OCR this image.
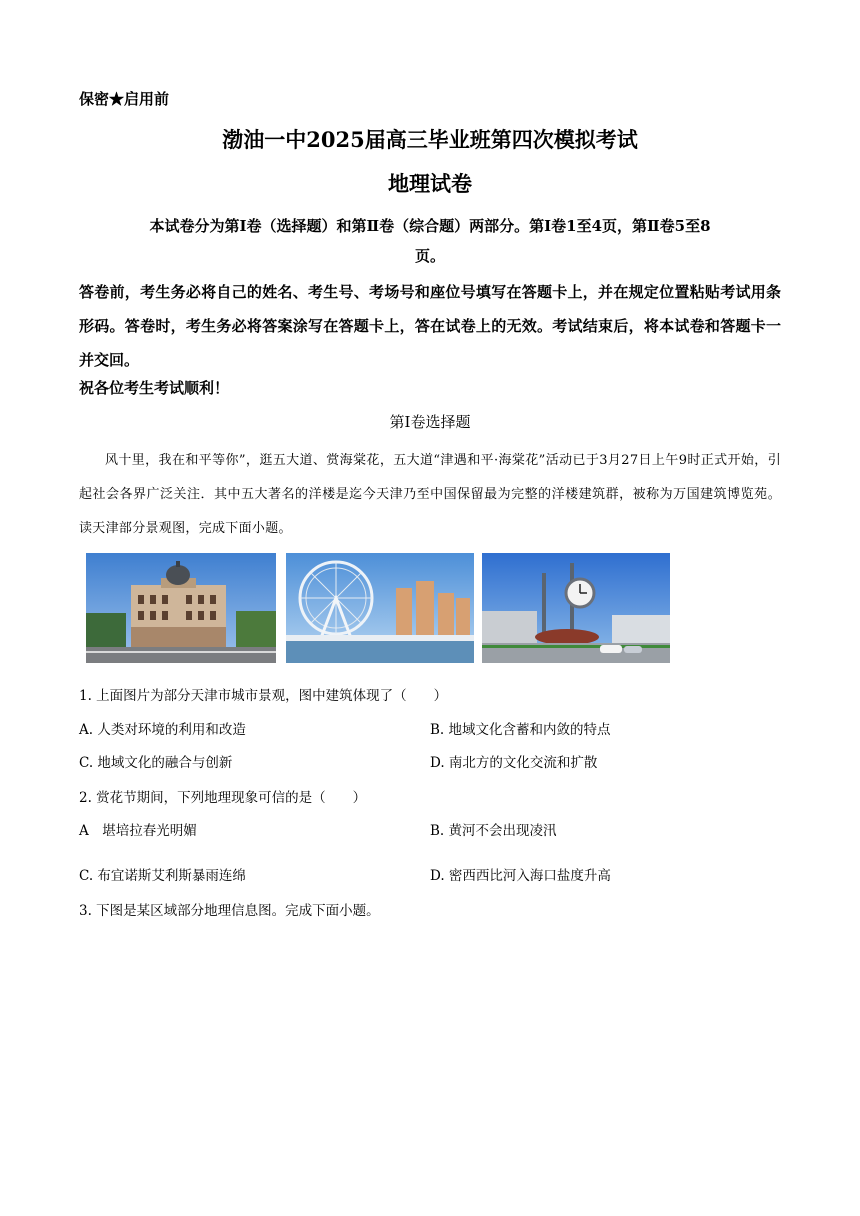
保密★启用前
渤油一中2025届高三毕业班第四次模拟考试
地理试卷
本试卷分为第Ⅰ卷（选择题）和第Ⅱ卷（综合题）两部分。第Ⅰ卷1至4页，第Ⅱ卷5至8
页。
答卷前，考生务必将自己的姓名、考生号、考场号和座位号填写在答题卡上，并在规定位置粘贴考试用条形码。答卷时，考生务必将答案涂写在答题卡上，答在试卷上的无效。考试结束后，将本试卷和答题卡一并交回。
祝各位考生考试顺利！
第Ⅰ卷选择题
风十里，我在和平等你”，逛五大道、赏海棠花，五大道“津遇和平·海棠花”活动已于3月27日上午9时正式开始，引起社会各界广泛关注．其中五大著名的洋楼是迄今天津乃至中国保留最为完整的洋楼建筑群，被称为万国建筑博览苑。读天津部分景观图，完成下面小题。
1. 上面图片为部分天津市城市景观，图中建筑体现了（　　）
A. 人类对环境的利用和改造	B. 地域文化含蓄和内敛的特点
C. 地域文化的融合与创新	D. 南北方的文化交流和扩散
2. 赏花节期间，下列地理现象可信的是（　　）
A　堪培拉春光明媚	B. 黄河不会出现凌汛
C. 布宜诺斯艾利斯暴雨连绵	D. 密西西比河入海口盐度升高
3. 下图是某区域部分地理信息图。完成下面小题。
